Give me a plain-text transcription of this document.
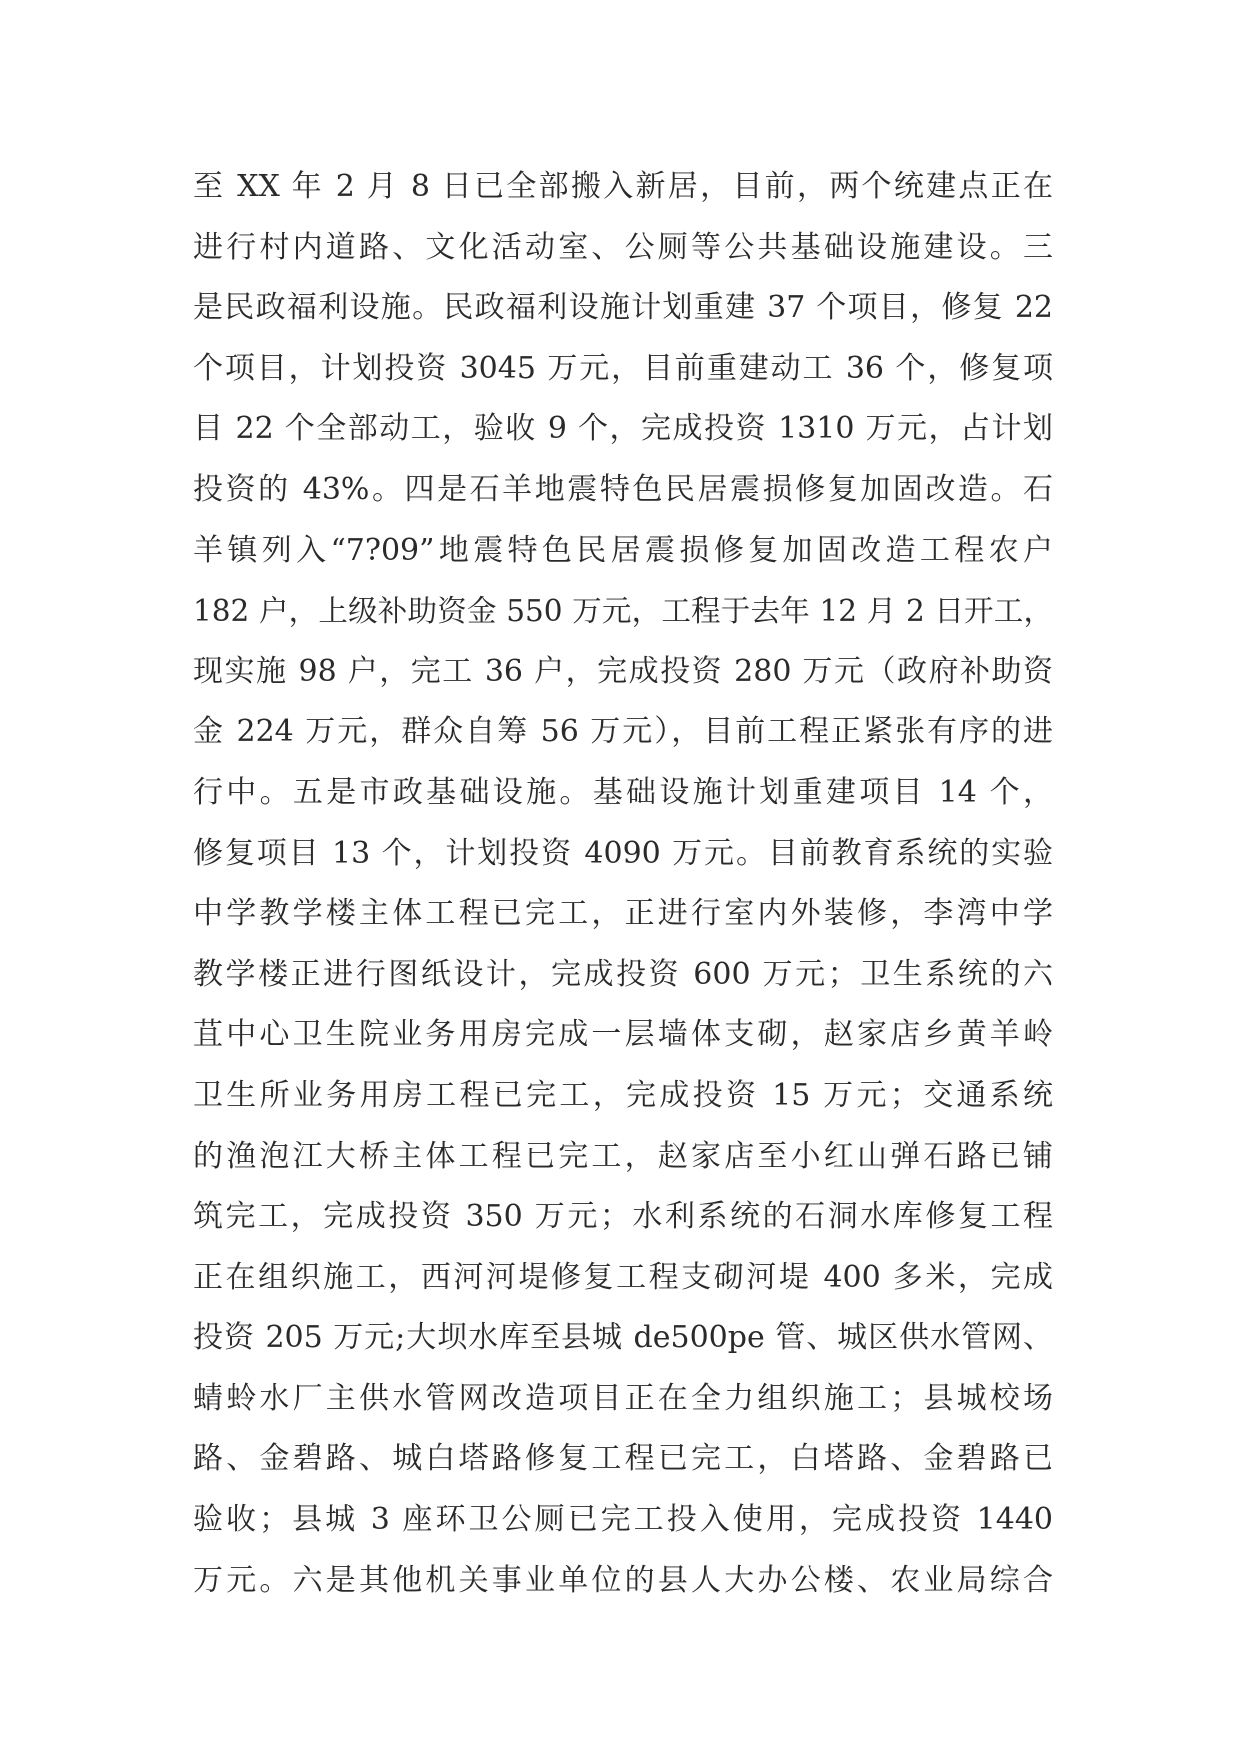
至 XX 年 2 月 8 日已全部搬入新居，目前，两个统建点正在
进行村内道路、文化活动室、公厕等公共基础设施建设。三
是民政福利设施。民政福利设施计划重建 37 个项目，修复 22
个项目，计划投资 3045 万元，目前重建动工 36 个，修复项
目 22 个全部动工，验收 9 个，完成投资 1310 万元，占计划
投资的 43%。四是石羊地震特色民居震损修复加固改造。石
羊镇列入“7?09”地震特色民居震损修复加固改造工程农户
182 户，上级补助资金 550 万元，工程于去年 12 月 2 日开工，
现实施 98 户，完工 36 户，完成投资 280 万元（政府补助资
金 224 万元，群众自筹 56 万元），目前工程正紧张有序的进
行中。五是市政基础设施。基础设施计划重建项目 14 个，
修复项目 13 个，计划投资 4090 万元。目前教育系统的实验
中学教学楼主体工程已完工，正进行室内外装修，李湾中学
教学楼正进行图纸设计，完成投资 600 万元；卫生系统的六
苴中心卫生院业务用房完成一层墙体支砌，赵家店乡黄羊岭
卫生所业务用房工程已完工，完成投资 15 万元；交通系统
的渔泡江大桥主体工程已完工，赵家店至小红山弹石路已铺
筑完工，完成投资 350 万元；水利系统的石洞水库修复工程
正在组织施工，西河河堤修复工程支砌河堤 400 多米，完成
投资 205 万元;大坝水库至县城 de500pe 管、城区供水管网、
蜻蛉水厂主供水管网改造项目正在全力组织施工；县城校场
路、金碧路、城白塔路修复工程已完工，白塔路、金碧路已
验收；县城 3 座环卫公厕已完工投入使用，完成投资 1440
万元。六是其他机关事业单位的县人大办公楼、农业局综合
